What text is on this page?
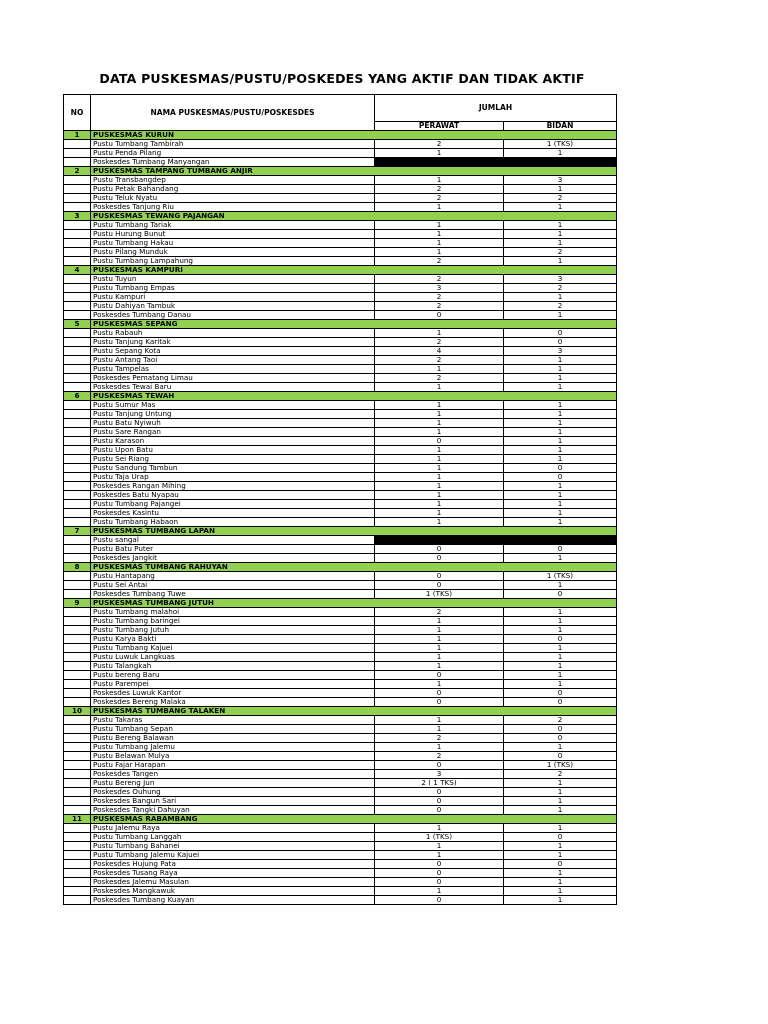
DATA PUSKESMAS/PUSTU/POSKEDES YANG AKTIF DAN TIDAK AKTIF
NO	NAMA PUSKESMAS/PUSTU/POSKESDES	JUMLAH	
		PERAWAT	BIDAN
1	PUSKESMAS KURUN		
	Pustu Tumbang Tambirah	2	1 (TKS)
	Pustu Penda Pilang	1	1
	Poskesdes Tumbang Manyangan		
2	PUSKESMAS TAMPANG TUMBANG ANJIR		
	Pustu Transbangdep	1	3
	Pustu Petak Bahandang	2	1
	Pustu Teluk Nyatu	2	2
	Poskesdes Tanjung Riu	1	1
3	PUSKESMAS TEWANG PAJANGAN		
	Pustu Tumbang Tariak	1	1
	Pustu Hurung Bunut	1	1
	Pustu Tumbang Hakau	1	1
	Pustu Pilang Munduk	1	2
	Pustu Tumbang Lampahung	2	1
4	PUSKESMAS KAMPURI		
	Pustu Tuyun	2	3
	Pustu Tumbang Empas	3	2
	Pustu Kampuri	2	1
	Pustu Dahiyan Tambuk	2	2
	Poskesdes Tumbang Danau	0	1
5	PUSKESMAS SEPANG		
	Pustu Rabauh	1	0
	Pustu Tanjung Karitak	2	0
	Pustu Sepang Kota	4	3
	Pustu Antang Taoi	2	1
	Pustu Tampelas	1	1
	Poskesdes Pematang Limau	2	1
	Poskesdes Tewai Baru	1	1
6	PUSKESMAS TEWAH		
	Pustu Sumur Mas	1	1
	Pustu Tanjung Untung	1	1
	Pustu Batu Nyiwuh	1	1
	Pustu Sare Rangan	1	1
	Pustu Karason	0	1
	Pustu Upon Batu	1	1
	Pustu Sei Riang	1	1
	Pustu Sandung Tambun	1	0
	Pustu Taja Urap	1	0
	Poskesdes Rangan Mihing	1	1
	Poskesdes Batu Nyapau	1	1
	Pustu Tumbang Pajangei	1	1
	Poskesdes Kasintu	1	1
	Pustu Tumbang Habaon	1	1
7	PUSKESMAS TUMBANG LAPAN		
	Pustu sangal		
	Pustu Batu Puter	0	0
	Poskesdes Jangkit	0	1
8	PUSKESMAS TUMBANG RAHUYAN		
	Pustu Hantapang	0	1 (TKS)
	Pustu Sei Antai	0	1
	Poskesdes Tumbang Tuwe	1 (TKS)	0
9	PUSKESMAS TUMBANG JUTUH		
	Pustu Tumbang malahoi	2	1
	Pustu Tumbang baringei	1	1
	Pustu Tumbang Jutuh	1	1
	Pustu Karya Bakti	1	0
	Pustu Tumbang Kajuei	1	1
	Pustu Luwuk Langkuas	1	1
	Pustu Talangkah	1	1
	Pustu bereng Baru	0	1
	Pustu Parempei	1	1
	Poskesdes Luwuk Kantor	0	0
	Poskesdes Bereng Malaka	0	0
10	PUSKESMAS TUMBANG TALAKEN		
	Pustu Takaras	1	2
	Pustu Tumbang Sepan	1	0
	Pustu Bereng Balawan	2	0
	Pustu Tumbang Jalemu	1	1
	Pustu Belawan Mulya	2	0
	Pustu Fajar Harapan	0	1 (TKS)
	Poskesdes Tangen	3	2
	Pustu Bereng Jun	2 ( 1 TKS)	1
	Poskesdes Ouhung	0	1
	Poskesdes Bangun Sari	0	1
	Poskesdes Tangki Dahuyan	0	1
11	PUSKESMAS RABAMBANG		
	Pustu Jalemu Raya	1	1
	Pustu Tumbang Langgah	1 (TKS)	0
	Pustu Tumbang Bahanei	1	1
	Pustu Tumbang Jalemu Kajuei	1	1
	Poskesdes Hujung Pata	0	0
	Poskesdes Tusang Raya	0	1
	Poskesdes Jalemu Masulan	0	1
	Poskesdes Mangkawuk	1	1
	Poskesdes Tumbang Kuayan	0	1
